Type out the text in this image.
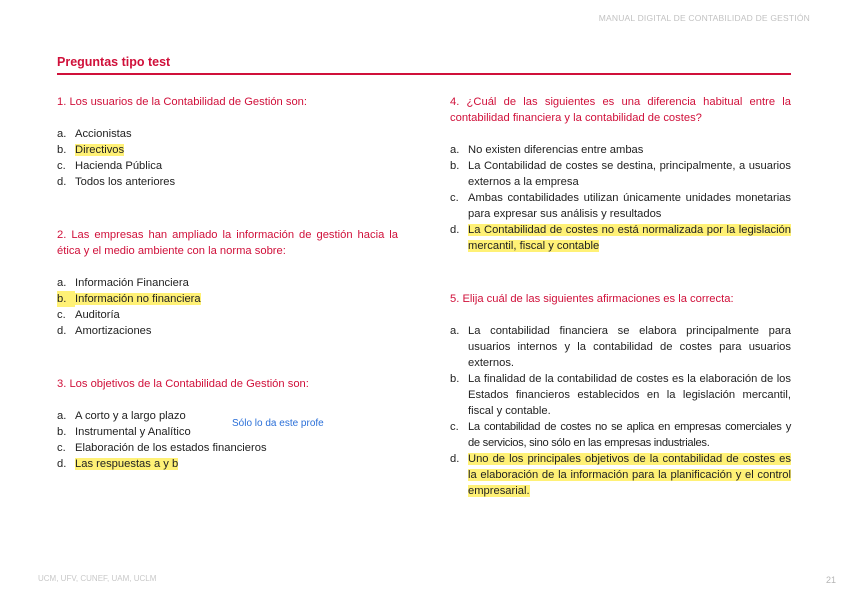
MANUAL DIGITAL DE CONTABILIDAD DE GESTIÓN
Preguntas tipo test

1. Los usuarios de la Contabilidad de Gestión son:

a. Accionistas
b. Directivos
c. Hacienda Pública
d. Todos los anteriores

2. Las empresas han ampliado la información de gestión hacia la ética y el medio ambiente con la norma sobre:

a. Información Financiera
b. Información no financiera
c. Auditoría
d. Amortizaciones
Sólo lo da este profe

3. Los objetivos de la Contabilidad de Gestión son:

a. A corto y a largo plazo
b. Instrumental y Analítico
c. Elaboración de los estados financieros
d. Las respuestas a y b

4. ¿Cuál de las siguientes es una diferencia habitual entre la contabilidad financiera y la contabilidad de costes?

a. No existen diferencias entre ambas
b. La Contabilidad de costes se destina, principalmente, a usuarios externos a la empresa
c. Ambas contabilidades utilizan únicamente unidades monetarias para expresar sus análisis y resultados
d. La Contabilidad de costes no está normalizada por la legislación mercantil, fiscal y contable

5. Elija cuál de las siguientes afirmaciones es la correcta:

a. La contabilidad financiera se elabora principalmente para usuarios internos y la contabilidad de costes para usuarios externos.
b. La finalidad de la contabilidad de costes es la elaboración de los Estados financieros establecidos en la legislación mercantil, fiscal y contable.
c. La contabilidad de costes no se aplica en empresas comerciales y de servicios, sino sólo en las empresas industriales.
d. Uno de los principales objetivos de la contabilidad de costes es la elaboración de la información para la planificación y el control empresarial.
UCM, UFV, CUNEF, UAM, UCLM	21
